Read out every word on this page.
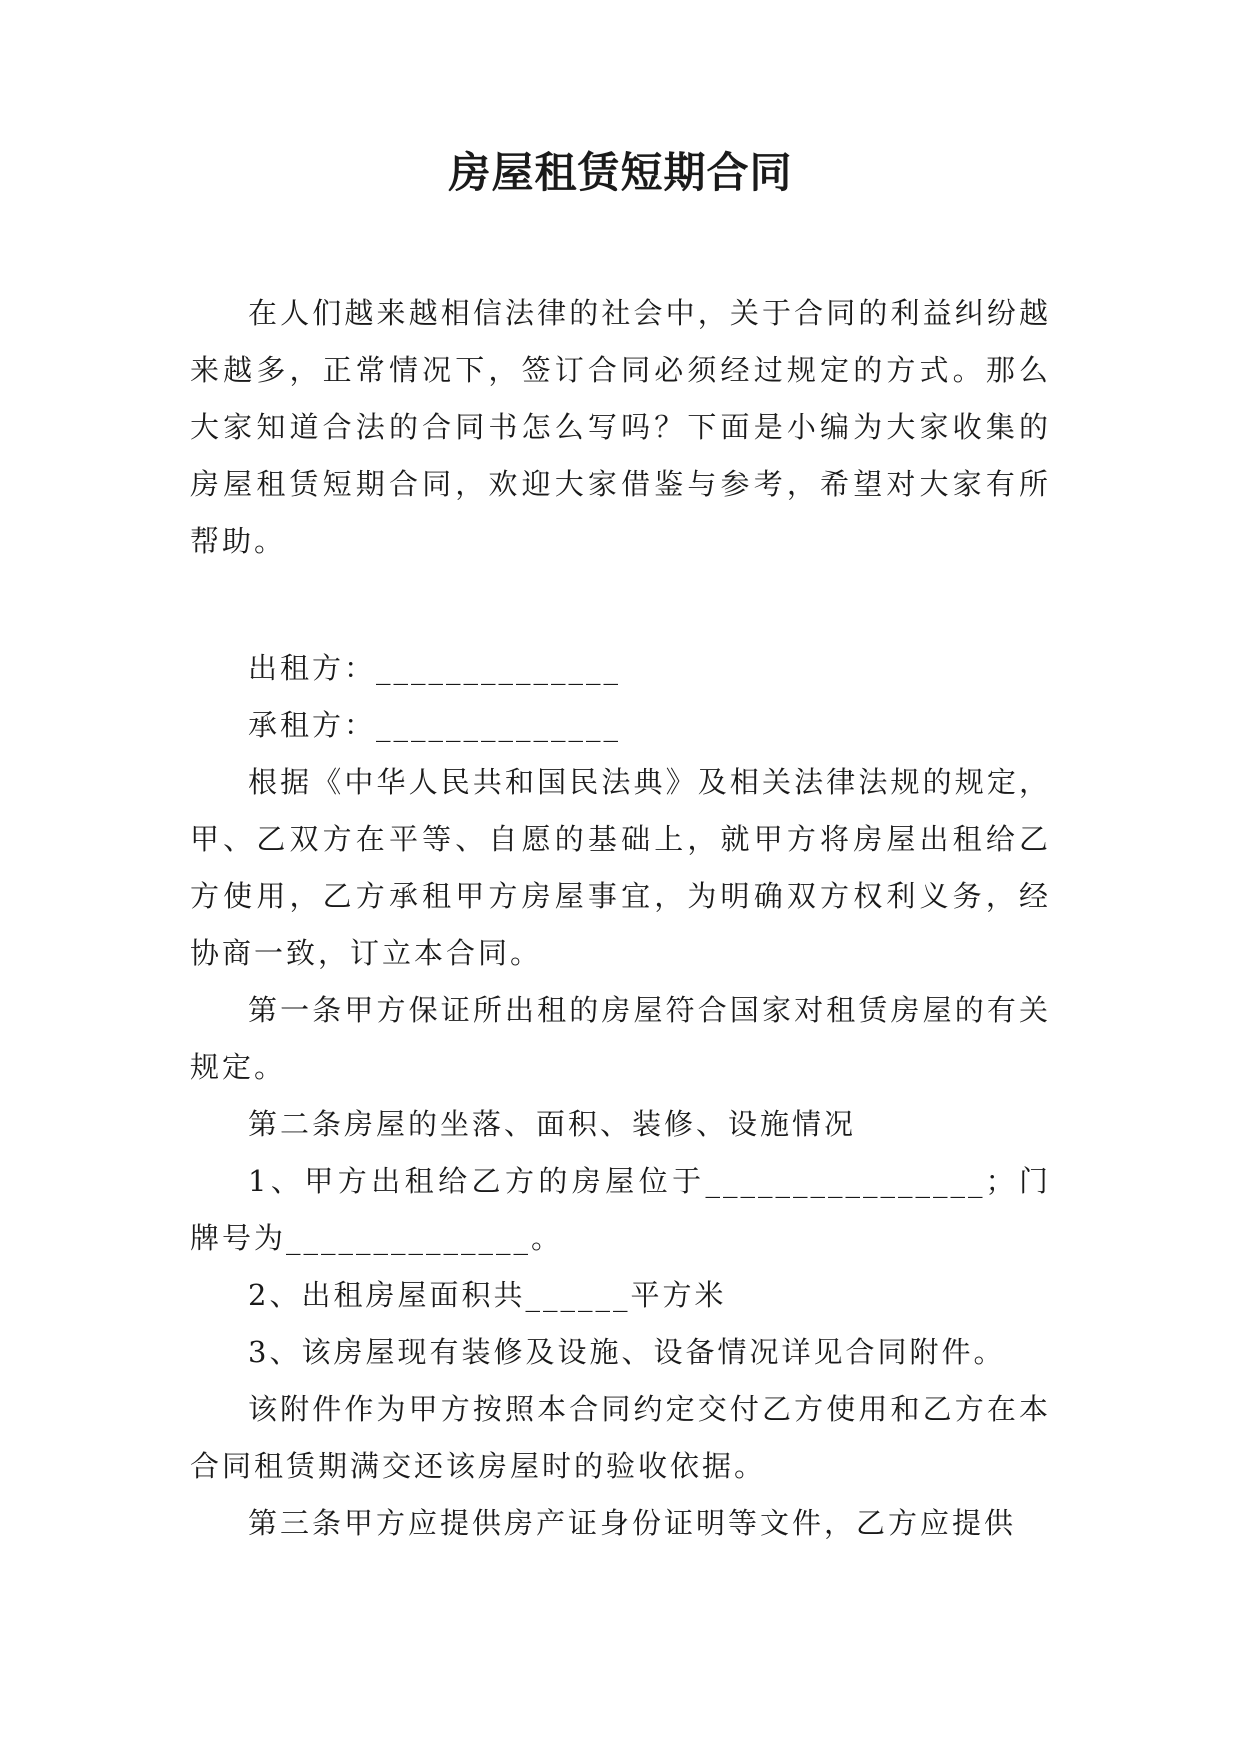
房屋租赁短期合同

在人们越来越相信法律的社会中，关于合同的利益纠纷越来越多，正常情况下，签订合同必须经过规定的方式。那么大家知道合法的合同书怎么写吗？下面是小编为大家收集的房屋租赁短期合同，欢迎大家借鉴与参考，希望对大家有所帮助。

出租方：______________

承租方：______________

根据《中华人民共和国民法典》及相关法律法规的规定，甲、乙双方在平等、自愿的基础上，就甲方将房屋出租给乙方使用，乙方承租甲方房屋事宜，为明确双方权利义务，经协商一致，订立本合同。

第一条甲方保证所出租的房屋符合国家对租赁房屋的有关规定。

第二条房屋的坐落、面积、装修、设施情况

1、甲方出租给乙方的房屋位于________________；门牌号为______________。

2、出租房屋面积共______平方米

3、该房屋现有装修及设施、设备情况详见合同附件。

该附件作为甲方按照本合同约定交付乙方使用和乙方在本合同租赁期满交还该房屋时的验收依据。

第三条甲方应提供房产证身份证明等文件，乙方应提供
